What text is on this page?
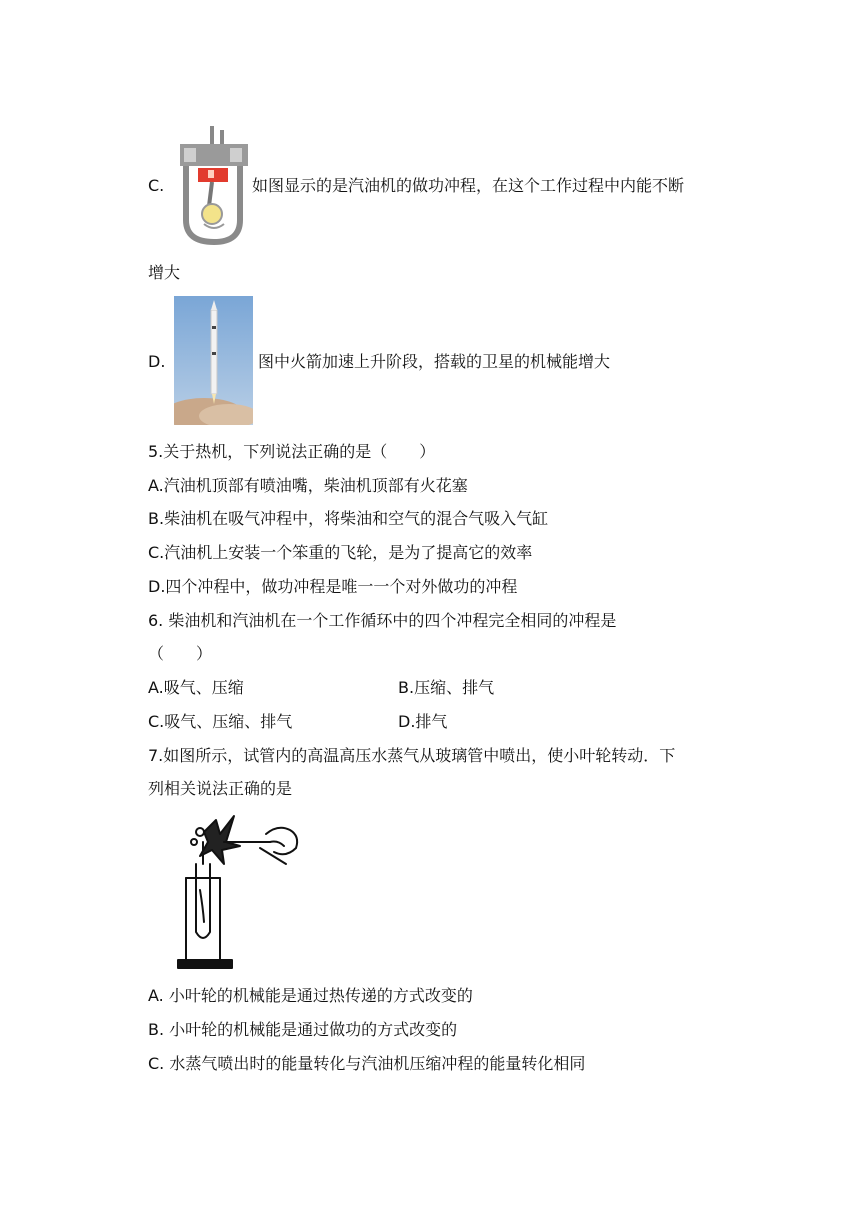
C.	如图显示的是汽油机的做功冲程，在这个工作过程中内能不断
增大
D.	图中火箭加速上升阶段，搭载的卫星的机械能增大
5.关于热机，下列说法正确的是（　　）
A.汽油机顶部有喷油嘴，柴油机顶部有火花塞
B.柴油机在吸气冲程中，将柴油和空气的混合气吸入气缸
C.汽油机上安装一个笨重的飞轮，是为了提高它的效率
D.四个冲程中，做功冲程是唯一一个对外做功的冲程
6. 柴油机和汽油机在一个工作循环中的四个冲程完全相同的冲程是
（　　）
A.吸气、压缩	B.压缩、排气
C.吸气、压缩、排气	D.排气
7.如图所示，试管内的高温高压水蒸气从玻璃管中喷出，使小叶轮转动．下
列相关说法正确的是
A. 小叶轮的机械能是通过热传递的方式改变的
B. 小叶轮的机械能是通过做功的方式改变的
C. 水蒸气喷出时的能量转化与汽油机压缩冲程的能量转化相同
